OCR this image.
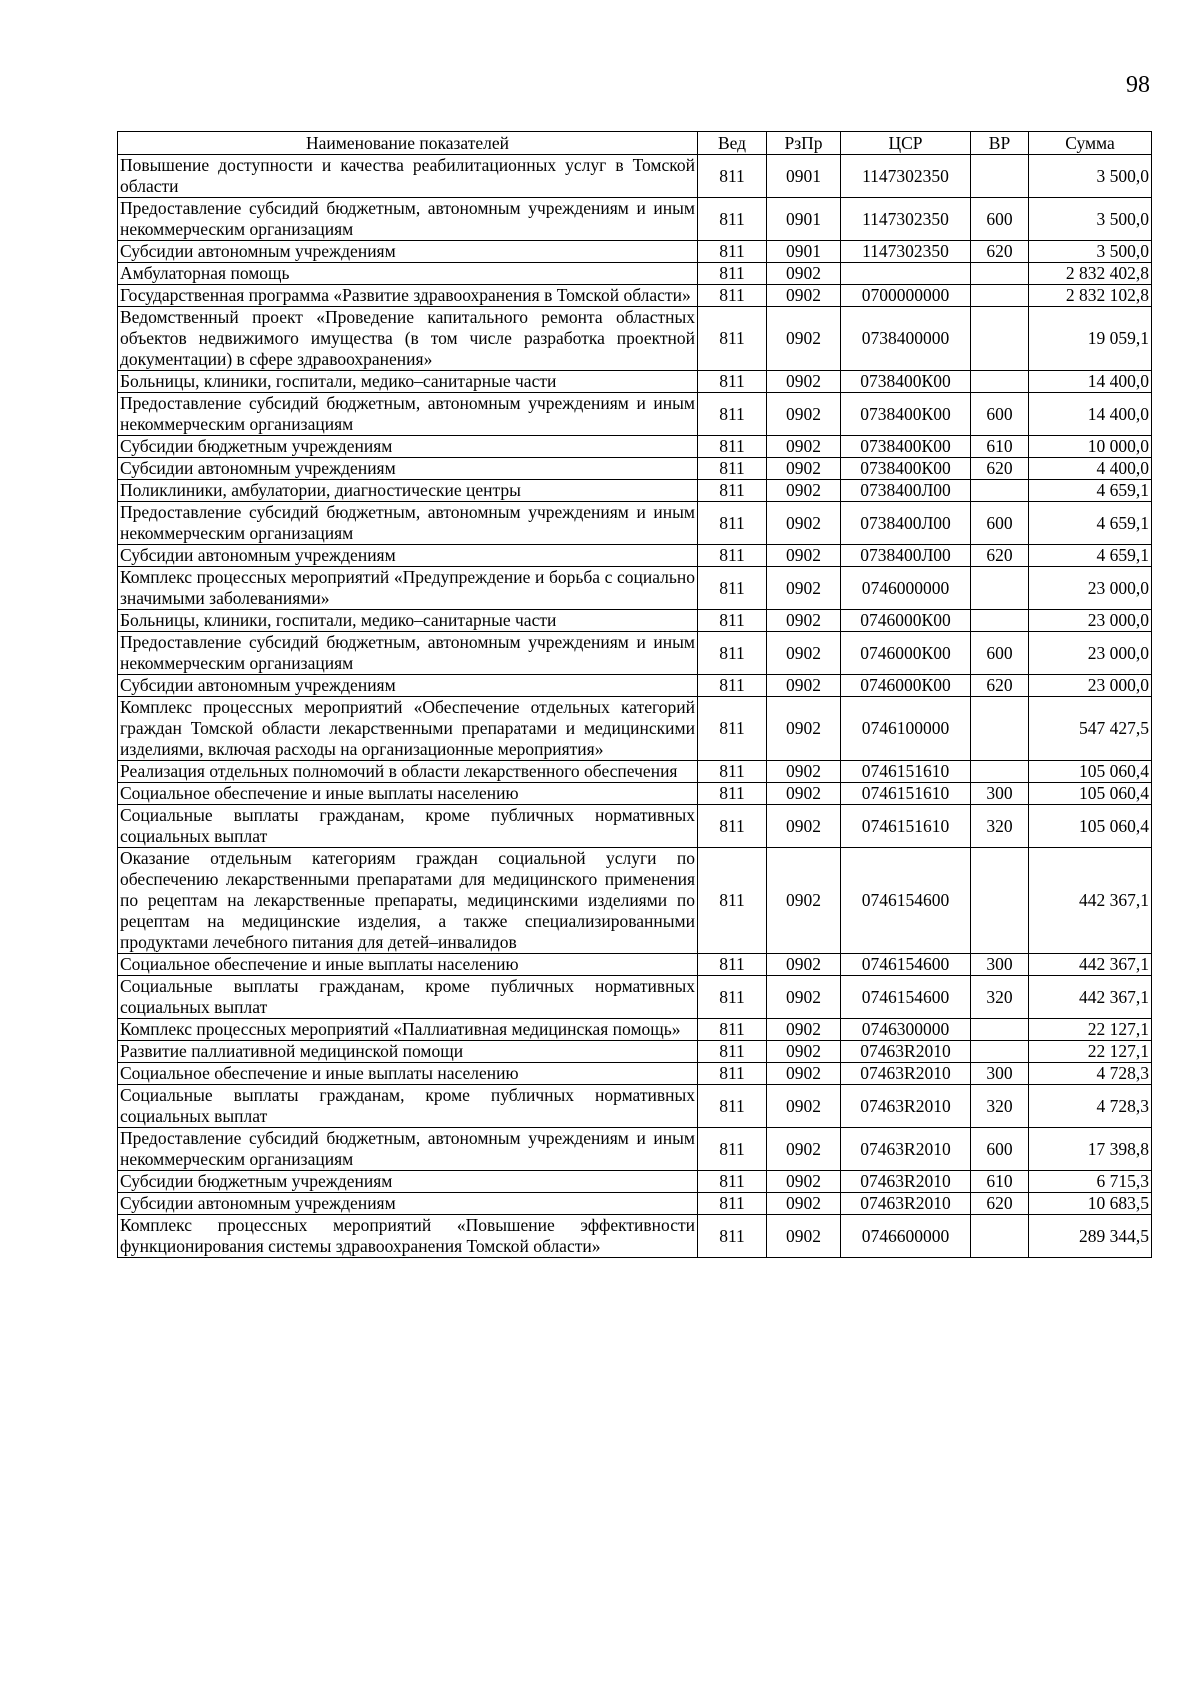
98
Наименование показателей	Вед	РзПр	ЦСР	ВР	Сумма
Повышение доступности и качества реабилитационных услуг в Томской области	811	0901	1147302350		3 500,0
Предоставление субсидий бюджетным, автономным учреждениям и иным некоммерческим организациям	811	0901	1147302350	600	3 500,0
Субсидии автономным учреждениям	811	0901	1147302350	620	3 500,0
Амбулаторная помощь	811	0902			2 832 402,8
Государственная программа «Развитие здравоохранения в Томской области»	811	0902	0700000000		2 832 102,8
Ведомственный проект «Проведение капитального ремонта областных объектов недвижимого имущества (в том числе разработка проектной документации) в сфере здравоохранения»	811	0902	0738400000		19 059,1
Больницы, клиники, госпитали, медико–санитарные части	811	0902	0738400К00		14 400,0
Предоставление субсидий бюджетным, автономным учреждениям и иным некоммерческим организациям	811	0902	0738400К00	600	14 400,0
Субсидии бюджетным учреждениям	811	0902	0738400К00	610	10 000,0
Субсидии автономным учреждениям	811	0902	0738400К00	620	4 400,0
Поликлиники, амбулатории, диагностические центры	811	0902	0738400Л00		4 659,1
Предоставление субсидий бюджетным, автономным учреждениям и иным некоммерческим организациям	811	0902	0738400Л00	600	4 659,1
Субсидии автономным учреждениям	811	0902	0738400Л00	620	4 659,1
Комплекс процессных мероприятий «Предупреждение и борьба с социально значимыми заболеваниями»	811	0902	0746000000		23 000,0
Больницы, клиники, госпитали, медико–санитарные части	811	0902	0746000К00		23 000,0
Предоставление субсидий бюджетным, автономным учреждениям и иным некоммерческим организациям	811	0902	0746000К00	600	23 000,0
Субсидии автономным учреждениям	811	0902	0746000К00	620	23 000,0
Комплекс процессных мероприятий «Обеспечение отдельных категорий граждан Томской области лекарственными препаратами и медицинскими изделиями, включая расходы на организационные мероприятия»	811	0902	0746100000		547 427,5
Реализация отдельных полномочий в области лекарственного обеспечения	811	0902	0746151610		105 060,4
Социальное обеспечение и иные выплаты населению	811	0902	0746151610	300	105 060,4
Социальные выплаты гражданам, кроме публичных нормативных социальных выплат	811	0902	0746151610	320	105 060,4
Оказание отдельным категориям граждан социальной услуги по обеспечению лекарственными препаратами для медицинского применения по рецептам на лекарственные препараты, медицинскими изделиями по рецептам на медицинские изделия, а также специализированными продуктами лечебного питания для детей–инвалидов	811	0902	0746154600		442 367,1
Социальное обеспечение и иные выплаты населению	811	0902	0746154600	300	442 367,1
Социальные выплаты гражданам, кроме публичных нормативных социальных выплат	811	0902	0746154600	320	442 367,1
Комплекс процессных мероприятий «Паллиативная медицинская помощь»	811	0902	0746300000		22 127,1
Развитие паллиативной медицинской помощи	811	0902	07463R2010		22 127,1
Социальное обеспечение и иные выплаты населению	811	0902	07463R2010	300	4 728,3
Социальные выплаты гражданам, кроме публичных нормативных социальных выплат	811	0902	07463R2010	320	4 728,3
Предоставление субсидий бюджетным, автономным учреждениям и иным некоммерческим организациям	811	0902	07463R2010	600	17 398,8
Субсидии бюджетным учреждениям	811	0902	07463R2010	610	6 715,3
Субсидии автономным учреждениям	811	0902	07463R2010	620	10 683,5
Комплекс процессных мероприятий «Повышение эффективности функционирования системы здравоохранения Томской области»	811	0902	0746600000		289 344,5
